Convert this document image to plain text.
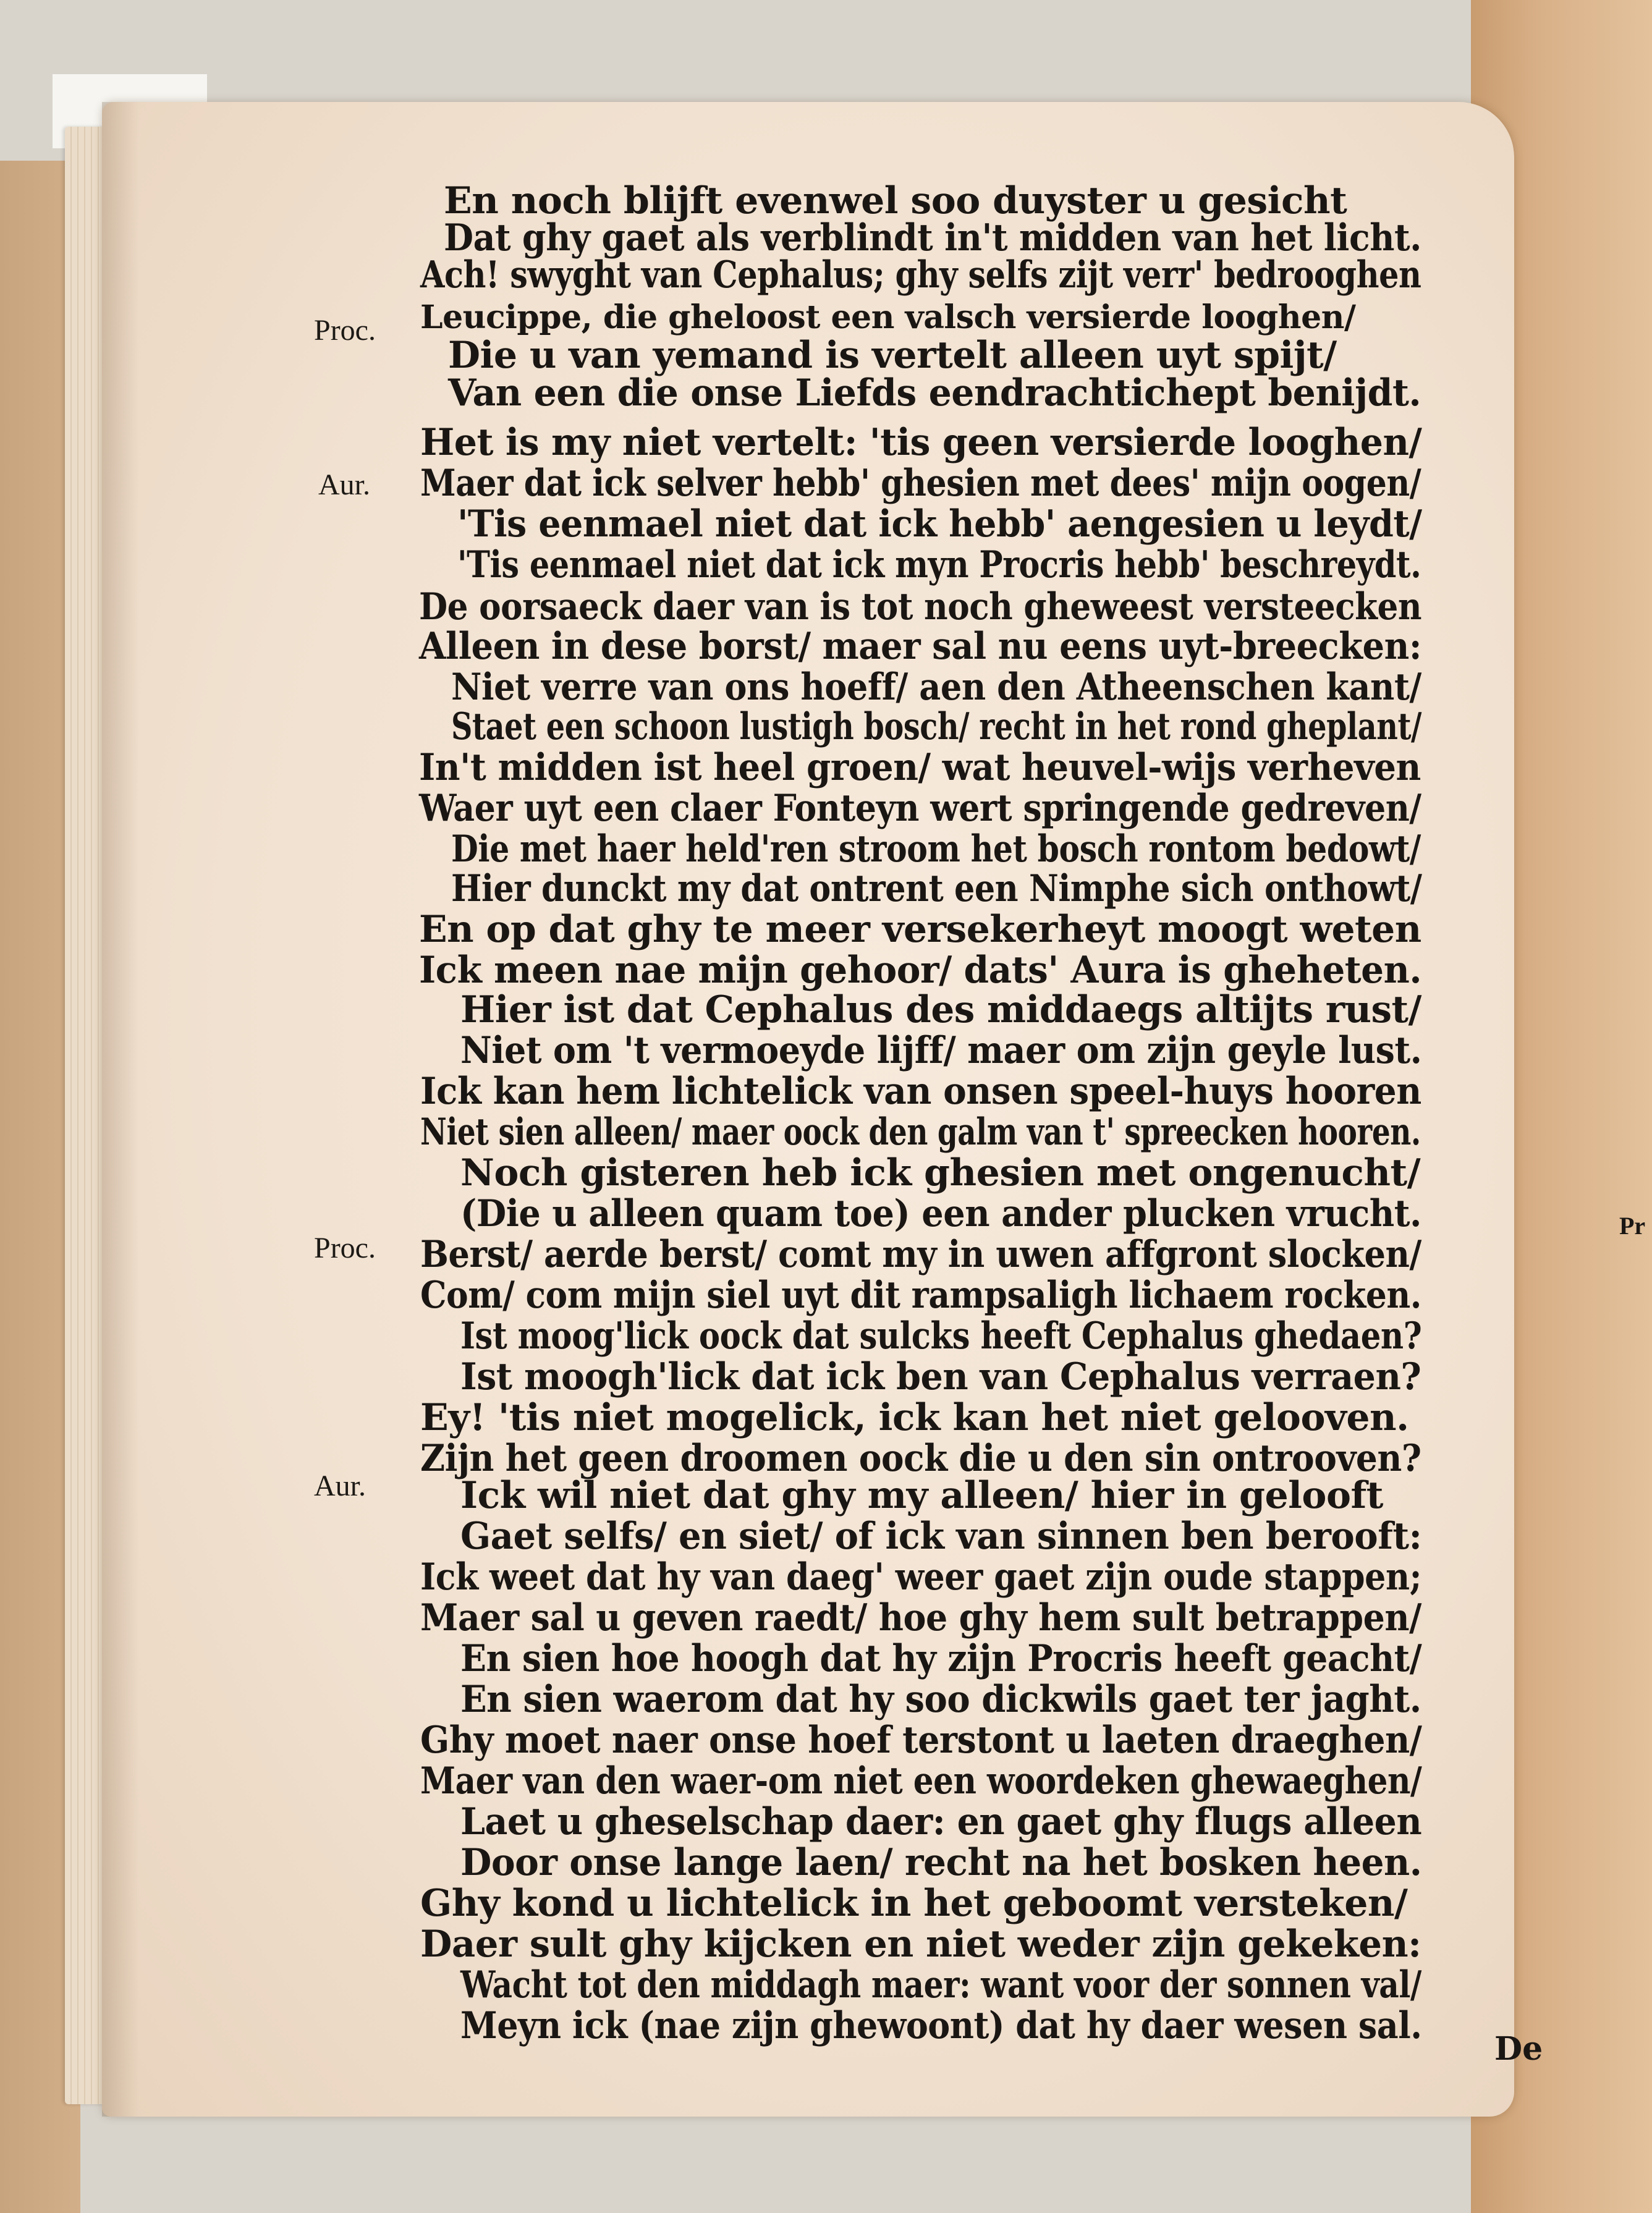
Proc.
Aur.
Proc.
Aur.
En noch blijft evenwel soo duyster u gesicht
Dat ghy gaet als verblindt in't midden van het licht.
Ach! swyght van Cephalus; ghy selfs zijt verr' bedrooghen
Leucippe, die gheloost een valsch versierde looghen/
Die u van yemand is vertelt alleen uyt spijt/
Van een die onse Liefds eendrachtichept benijdt.
Het is my niet vertelt: 'tis geen versierde looghen/
Maer dat ick selver hebb' ghesien met dees' mijn oogen/
'Tis eenmael niet dat ick hebb' aengesien u leydt/
'Tis eenmael niet dat ick myn Procris hebb' beschreydt.
De oorsaeck daer van is tot noch gheweest versteecken
Alleen in dese borst/ maer sal nu eens uyt-breecken:
Niet verre van ons hoeff/ aen den Atheenschen kant/
Staet een schoon lustigh bosch/ recht in het rond gheplant/
In't midden ist heel groen/ wat heuvel-wijs verheven
Waer uyt een claer Fonteyn wert springende gedreven/
Die met haer held'ren stroom het bosch rontom bedowt/
Hier dunckt my dat ontrent een Nimphe sich onthowt/
En op dat ghy te meer versekerheyt moogt weten
Ick meen nae mijn gehoor/ dats' Aura is gheheten.
Hier ist dat Cephalus des middaegs altijts rust/
Niet om 't vermoeyde lijff/ maer om zijn geyle lust.
Ick kan hem lichtelick van onsen speel-huys hooren
Niet sien alleen/ maer oock den galm van t' spreecken hooren.
Noch gisteren heb ick ghesien met ongenucht/
(Die u alleen quam toe) een ander plucken vrucht.
Berst/ aerde berst/ comt my in uwen affgront slocken/
Com/ com mijn siel uyt dit rampsaligh lichaem rocken.
Ist moog'lick oock dat sulcks heeft Cephalus ghedaen?
Ist moogh'lick dat ick ben van Cephalus verraen?
Ey! 'tis niet mogelick, ick kan het niet gelooven.
Zijn het geen droomen oock die u den sin ontrooven?
Ick wil niet dat ghy my alleen/ hier in gelooft
Gaet selfs/ en siet/ of ick van sinnen ben berooft:
Ick weet dat hy van daeg' weer gaet zijn oude stappen;
Maer sal u geven raedt/ hoe ghy hem sult betrappen/
En sien hoe hoogh dat hy zijn Procris heeft geacht/
En sien waerom dat hy soo dickwils gaet ter jaght.
Ghy moet naer onse hoef terstont u laeten draeghen/
Maer van den waer-om niet een woordeken ghewaeghen/
Laet u gheselschap daer: en gaet ghy flugs alleen
Door onse lange laen/ recht na het bosken heen.
Ghy kond u lichtelick in het geboomt versteken/
Daer sult ghy kijcken en niet weder zijn gekeken:
Wacht tot den middagh maer: want voor der sonnen val/
Meyn ick (nae zijn ghewoont) dat hy daer wesen sal.
De
Pr
